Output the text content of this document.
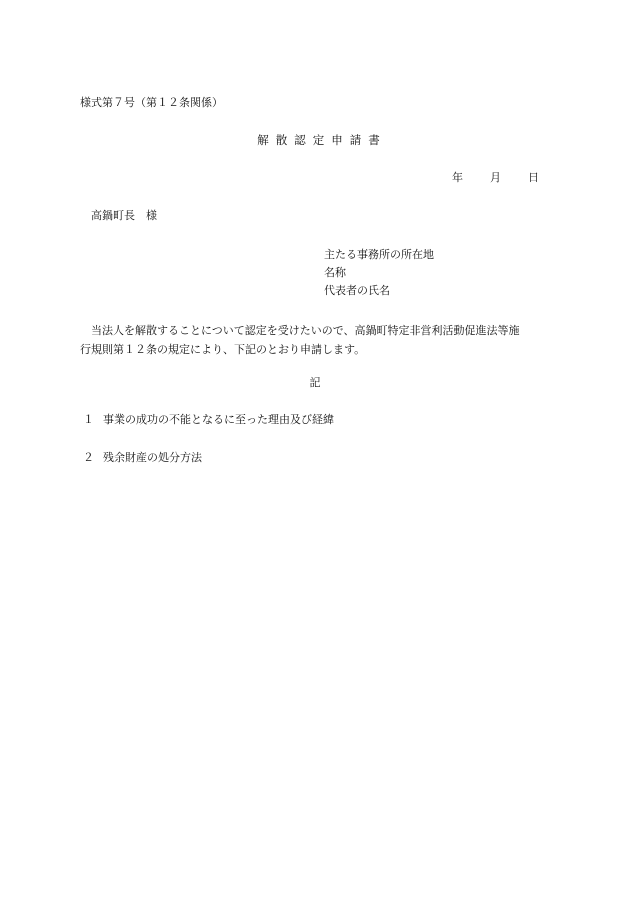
様式第７号（第１２条関係）
解散認定申請書
年 月 日
高鍋町長　様
主たる事務所の所在地
名称
代表者の氏名
当法人を解散することについて認定を受けたいので、高鍋町特定非営利活動促進法等施
行規則第１２条の規定により、下記のとおり申請します。
記
１ 事業の成功の不能となるに至った理由及び経緯
２ 残余財産の処分方法
